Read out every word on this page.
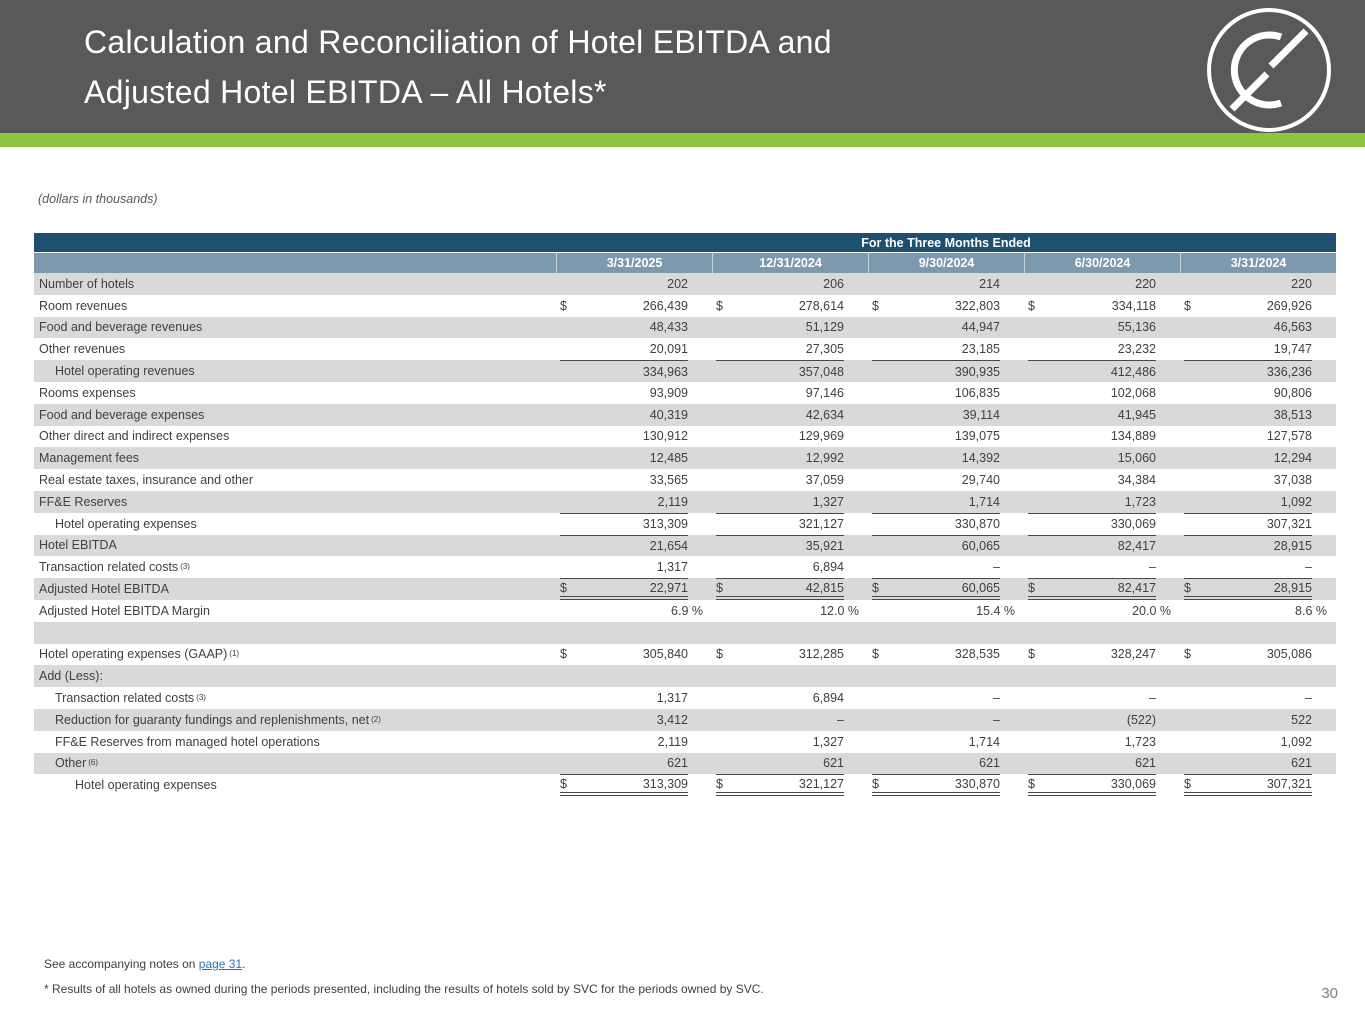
Calculation and Reconciliation of Hotel EBITDA and
Adjusted Hotel EBITDA – All Hotels*
(dollars in thousands)
For the Three Months Ended
3/31/2025	12/31/2024	9/30/2024	6/30/2024	3/31/2024
Number of hotels	202	206	214	220	220
Room revenues	$	266,439 $	278,614 $	322,803 $	334,118 $	269,926
Food and beverage revenues	48,433	51,129	44,947	55,136	46,563
Other revenues	20,091	27,305	23,185	23,232	19,747
Hotel operating revenues	334,963	357,048	390,935	412,486	336,236
Rooms expenses	93,909	97,146	106,835	102,068	90,806
Food and beverage expenses	40,319	42,634	39,114	41,945	38,513
Other direct and indirect expenses	130,912	129,969	139,075	134,889	127,578
Management fees	12,485	12,992	14,392	15,060	12,294
Real estate taxes, insurance and other	33,565	37,059	29,740	34,384	37,038
FF&E Reserves	2,119	1,327	1,714	1,723	1,092
Hotel operating expenses	313,309	321,127	330,870	330,069	307,321
Hotel EBITDA	21,654	35,921	60,065	82,417	28,915
Transaction related costs (3)	1,317	6,894	–	–	–
Adjusted Hotel EBITDA	$	22,971 $	42,815 $	60,065 $	82,417 $	28,915
Adjusted Hotel EBITDA Margin	6.9 %	12.0 %	15.4 %	20.0 %	8.6 %
Hotel operating expenses (GAAP) (1)	$	305,840 $	312,285 $	328,535 $	328,247 $	305,086
Add (Less):
Transaction related costs (3)	1,317	6,894	–	–	–
Reduction for guaranty fundings and replenishments, net (2)	3,412	–	–	(522)	522
FF&E Reserves from managed hotel operations	2,119	1,327	1,714	1,723	1,092
Other (6)	621	621	621	621	621
Hotel operating expenses	$	313,309 $	321,127 $	330,870 $	330,069 $	307,321
See accompanying notes on page 31.
* Results of all hotels as owned during the periods presented, including the results of hotels sold by SVC for the periods owned by SVC.	30
